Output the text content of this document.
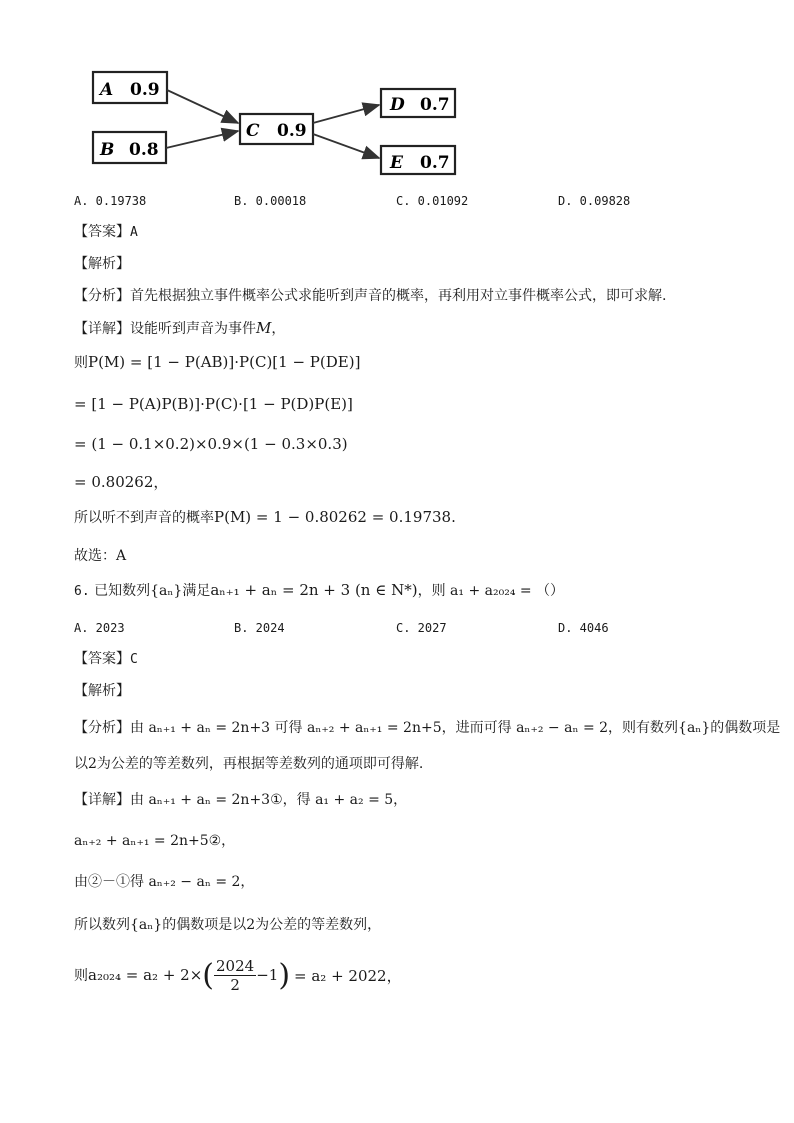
A 0.9
B 0.8
C 0.9
D 0.7
E 0.7
A. 0.19738	B. 0.00018	C. 0.01092	D. 0.09828
【答案】A
【解析】
【分析】首先根据独立事件概率公式求能听到声音的概率，再利用对立事件概率公式，即可求解.
【详解】设能听到声音为事件M，
则P(M) = [1 − P(AB)]·P(C)[1 − P(DE)]
= [1 − P(A)P(B)]·P(C)·[1 − P(D)P(E)]
= (1 − 0.1×0.2)×0.9×(1 − 0.3×0.3)
= 0.80262，
所以听不到声音的概率P(M) = 1 − 0.80262 = 0.19738.
故选：A
6. 已知数列{aₙ}满足aₙ₊₁ + aₙ = 2n + 3 (n ∈ N*)，则 a₁ + a₂₀₂₄ = （）
A. 2023	B. 2024	C. 2027	D. 4046
【答案】C
【解析】
【分析】由 aₙ₊₁ + aₙ = 2n+3 可得 aₙ₊₂ + aₙ₊₁ = 2n+5，进而可得 aₙ₊₂ − aₙ = 2，则有数列{aₙ}的偶数项是
以2为公差的等差数列，再根据等差数列的通项即可得解.
【详解】由 aₙ₊₁ + aₙ = 2n+3①，得 a₁ + a₂ = 5，
aₙ₊₂ + aₙ₊₁ = 2n+5②，
由②－①得 aₙ₊₂ − aₙ = 2，
所以数列{aₙ}的偶数项是以2为公差的等差数列，
则 a₂₀₂₄ = a₂ + 2× ( $\frac{2024}{2} -1$ ) = a₂ + 2022，
